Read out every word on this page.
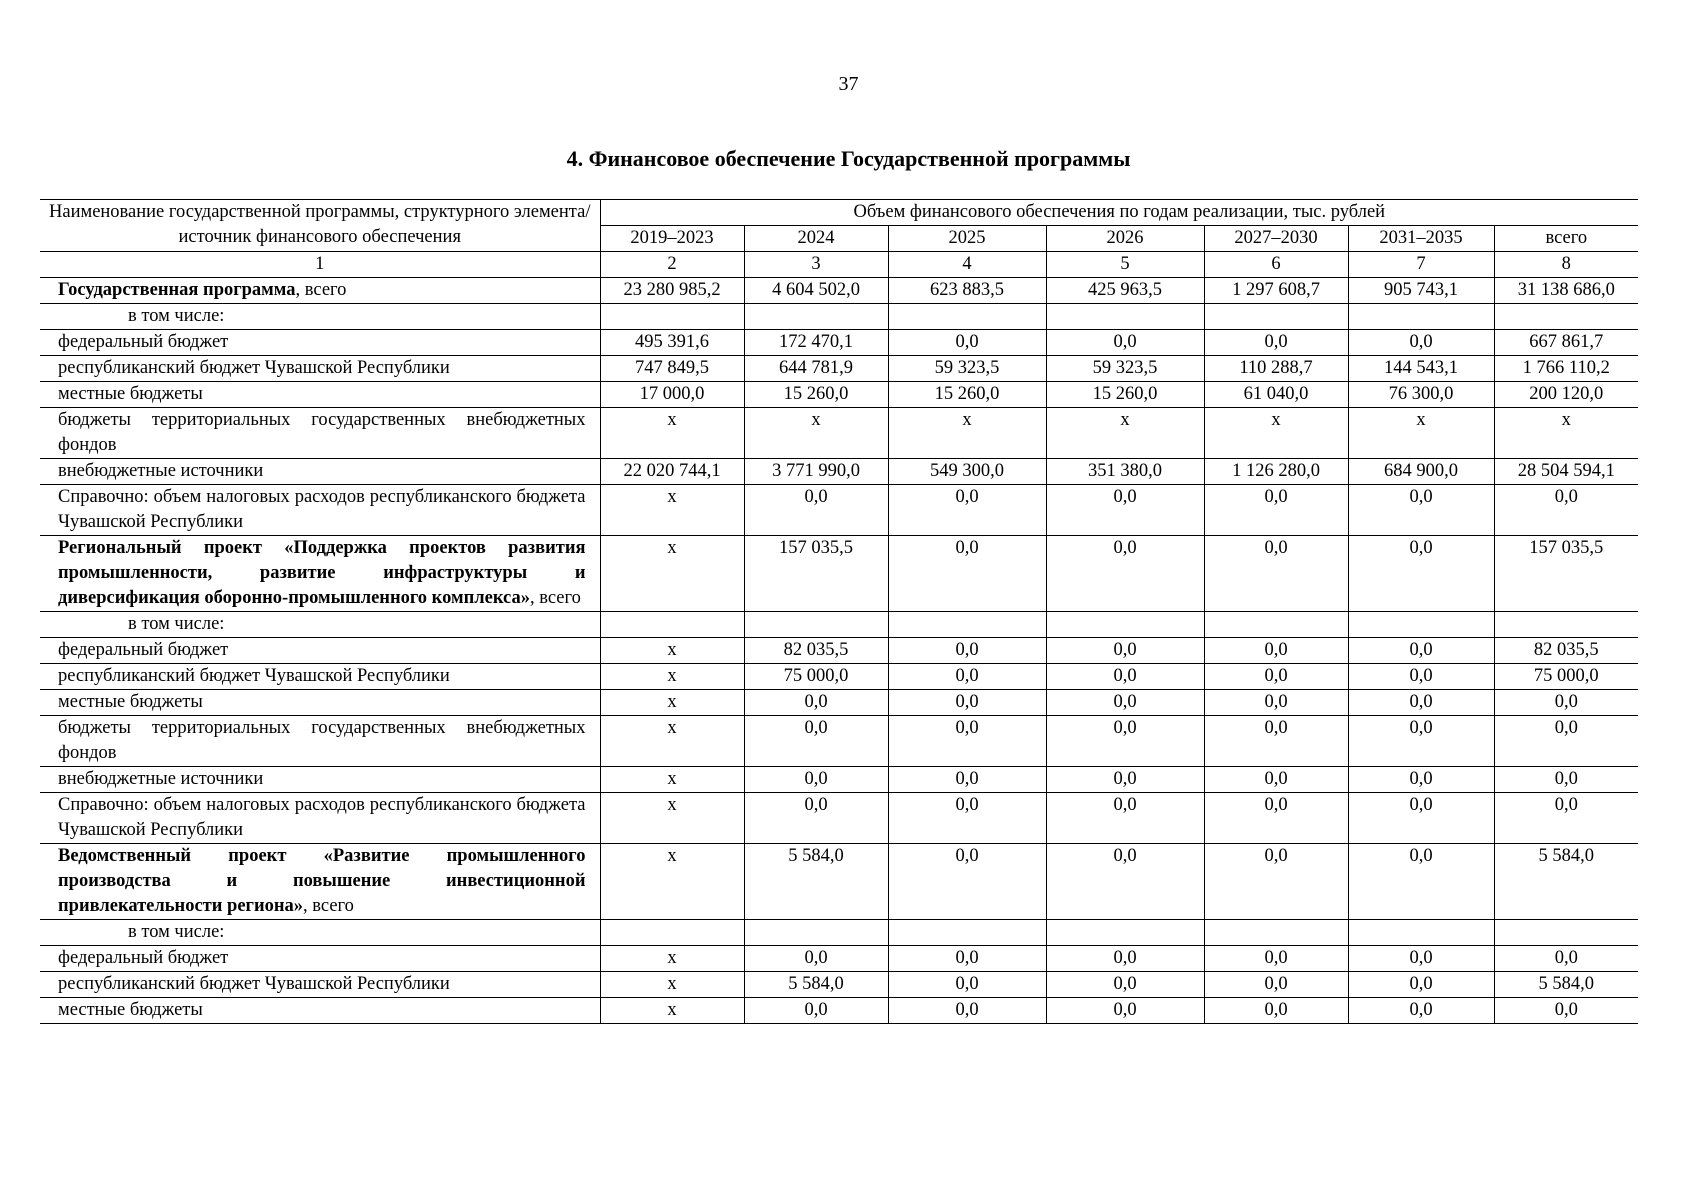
37
4. Финансовое обеспечение Государственной программы
Наименование государственной программы, структурного элемента/источник финансового обеспечения	Объем финансового обеспечения по годам реализации, тыс. рублей						
	2019–2023	2024	2025	2026	2027–2030	2031–2035	всего
1	2	3	4	5	6	7	8
Государственная программа, всего	23 280 985,2	4 604 502,0	623 883,5	425 963,5	1 297 608,7	905 743,1	31 138 686,0
в том числе:							
федеральный бюджет	495 391,6	172 470,1	0,0	0,0	0,0	0,0	667 861,7
республиканский бюджет Чувашской Республики	747 849,5	644 781,9	59 323,5	59 323,5	110 288,7	144 543,1	1 766 110,2
местные бюджеты	17 000,0	15 260,0	15 260,0	15 260,0	61 040,0	76 300,0	200 120,0
бюджеты территориальных государственных внебюджетных фондов	x	x	x	x	x	x	x
внебюджетные источники	22 020 744,1	3 771 990,0	549 300,0	351 380,0	1 126 280,0	684 900,0	28 504 594,1
Справочно: объем налоговых расходов республиканского бюджета Чувашской Республики	x	0,0	0,0	0,0	0,0	0,0	0,0
Региональный проект «Поддержка проектов развития промышленности, развитие инфраструктуры и диверсификация оборонно-промышленного комплекса», всего	x	157 035,5	0,0	0,0	0,0	0,0	157 035,5
в том числе:							
федеральный бюджет	x	82 035,5	0,0	0,0	0,0	0,0	82 035,5
республиканский бюджет Чувашской Республики	x	75 000,0	0,0	0,0	0,0	0,0	75 000,0
местные бюджеты	x	0,0	0,0	0,0	0,0	0,0	0,0
бюджеты территориальных государственных внебюджетных фондов	x	0,0	0,0	0,0	0,0	0,0	0,0
внебюджетные источники	x	0,0	0,0	0,0	0,0	0,0	0,0
Справочно: объем налоговых расходов республиканского бюджета Чувашской Республики	x	0,0	0,0	0,0	0,0	0,0	0,0
Ведомственный проект «Развитие промышленного производства и повышение инвестиционной привлекательности региона», всего	x	5 584,0	0,0	0,0	0,0	0,0	5 584,0
в том числе:							
федеральный бюджет	x	0,0	0,0	0,0	0,0	0,0	0,0
республиканский бюджет Чувашской Республики	x	5 584,0	0,0	0,0	0,0	0,0	5 584,0
местные бюджеты	x	0,0	0,0	0,0	0,0	0,0	0,0
